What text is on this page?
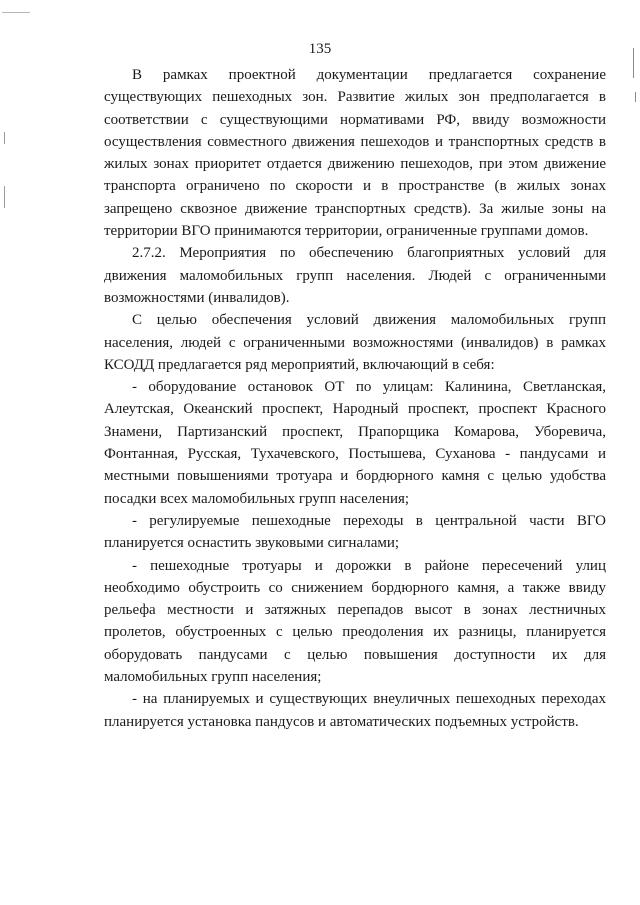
135

В рамках проектной документации предлагается сохранение существующих пешеходных зон. Развитие жилых зон предполагается в соответствии с существующими нормативами РФ, ввиду возможности осуществления совместного движения пешеходов и транспортных средств в жилых зонах приоритет отдается движению пешеходов, при этом движение транспорта ограничено по скорости и в пространстве (в жилых зонах запрещено сквозное движение транспортных средств). За жилые зоны на территории ВГО принимаются территории, ограниченные группами домов.

2.7.2. Мероприятия по обеспечению благоприятных условий для движения маломобильных групп населения. Людей с ограниченными возможностями (инвалидов).

С целью обеспечения условий движения маломобильных групп населения, людей с ограниченными возможностями (инвалидов) в рамках КСОДД предлагается ряд мероприятий, включающий в себя:

- оборудование остановок ОТ по улицам: Калинина, Светланская, Алеутская, Океанский проспект, Народный проспект, проспект Красного Знамени, Партизанский проспект, Прапорщика Комарова, Уборевича, Фонтанная, Русская, Тухачевского, Постышева, Суханова - пандусами и местными повышениями тротуара и бордюрного камня с целью удобства посадки всех маломобильных групп населения;

- регулируемые пешеходные переходы в центральной части ВГО планируется оснастить звуковыми сигналами;

- пешеходные тротуары и дорожки в районе пересечений улиц необходимо обустроить со снижением бордюрного камня, а также ввиду рельефа местности и затяжных перепадов высот в зонах лестничных пролетов, обустроенных с целью преодоления их разницы, планируется оборудовать пандусами с целью повышения доступности их для маломобильных групп населения;

- на планируемых и существующих внеуличных пешеходных переходах планируется установка пандусов и автоматических подъемных устройств.
